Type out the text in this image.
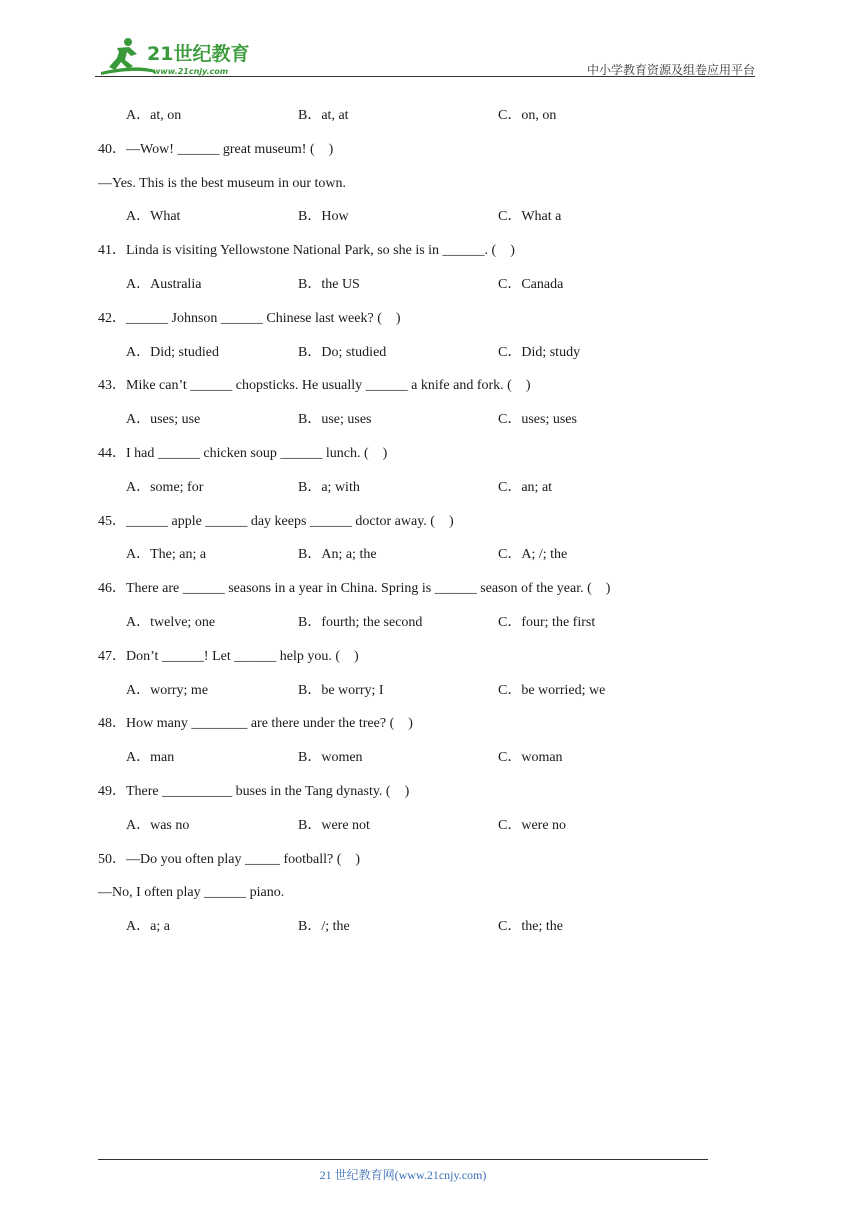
21世纪教育
www.21cnjy.com	中小学教育资源及组卷应用平台
A．at, on	B．at, at	C．on, on
40．—Wow! ______ great museum! (　)
—Yes. This is the best museum in our town.
A．What	B．How	C．What a
41．Linda is visiting Yellowstone National Park, so she is in ______. (　)
A．Australia	B．the US	C．Canada
42．______ Johnson ______ Chinese last week? (　)
A．Did; studied	B．Do; studied	C．Did; study
43．Mike can’t ______ chopsticks. He usually ______ a knife and fork. (　)
A．uses; use	B．use; uses	C．uses; uses
44．I had ______ chicken soup ______ lunch. (　)
A．some; for	B．a; with	C．an; at
45．______ apple ______ day keeps ______ doctor away. (　)
A．The; an; a	B．An; a; the	C．A; /; the
46．There are ______ seasons in a year in China. Spring is ______ season of the year. (　)
A．twelve; one	B．fourth; the second	C．four; the first
47．Don’t ______! Let ______ help you. (　)
A．worry; me	B．be worry; I	C．be worried; we
48．How many ________ are there under the tree? (　)
A．man	B．women	C．woman
49．There __________ buses in the Tang dynasty. (　)
A．was no	B．were not	C．were no
50．—Do you often play _____ football? (　)
—No, I often play ______ piano.
A．a; a	B．/; the	C．the; the
21 世纪教育网(www.21cnjy.com)
